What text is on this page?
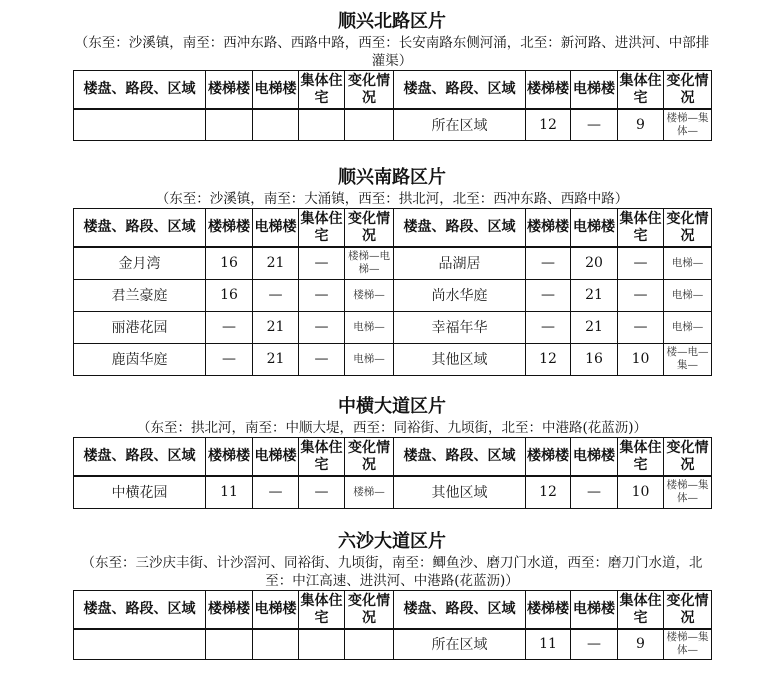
顺兴北路区片
（东至：沙溪镇，南至：西冲东路、西路中路，西至：长安南路东侧河涌，北至：新河路、进洪河、中部排灌渠）
楼盘、路段、区域	楼梯楼	电梯楼	集体住宅	变化情况	楼盘、路段、区域	楼梯楼	电梯楼	集体住宅	变化情况
					所在区域	12	—	9	楼梯—集体—
顺兴南路区片
（东至：沙溪镇，南至：大涌镇，西至：拱北河，北至：西冲东路、西路中路）
楼盘、路段、区域	楼梯楼	电梯楼	集体住宅	变化情况	楼盘、路段、区域	楼梯楼	电梯楼	集体住宅	变化情况
金月湾	16	21	—	楼梯—电梯—	品湖居	—	20	—	电梯—
君兰豪庭	16	—	—	楼梯—	尚水华庭	—	21	—	电梯—
丽港花园	—	21	—	电梯—	幸福年华	—	21	—	电梯—
鹿茵华庭	—	21	—	电梯—	其他区域	12	16	10	楼—电—集—
中横大道区片
（东至：拱北河，南至：中顺大堤，西至：同裕街、九顷街，北至：中港路(花蓝沥)）
楼盘、路段、区域	楼梯楼	电梯楼	集体住宅	变化情况	楼盘、路段、区域	楼梯楼	电梯楼	集体住宅	变化情况
中横花园	11	—	—	楼梯—	其他区域	12	—	10	楼梯—集体—
六沙大道区片
（东至：三沙庆丰街、计沙滘河、同裕街、九顷街，南至：鲫鱼沙、磨刀门水道，西至：磨刀门水道，北至：中江高速、进洪河、中港路(花蓝沥)）
楼盘、路段、区域	楼梯楼	电梯楼	集体住宅	变化情况	楼盘、路段、区域	楼梯楼	电梯楼	集体住宅	变化情况
					所在区域	11	—	9	楼梯—集体—
